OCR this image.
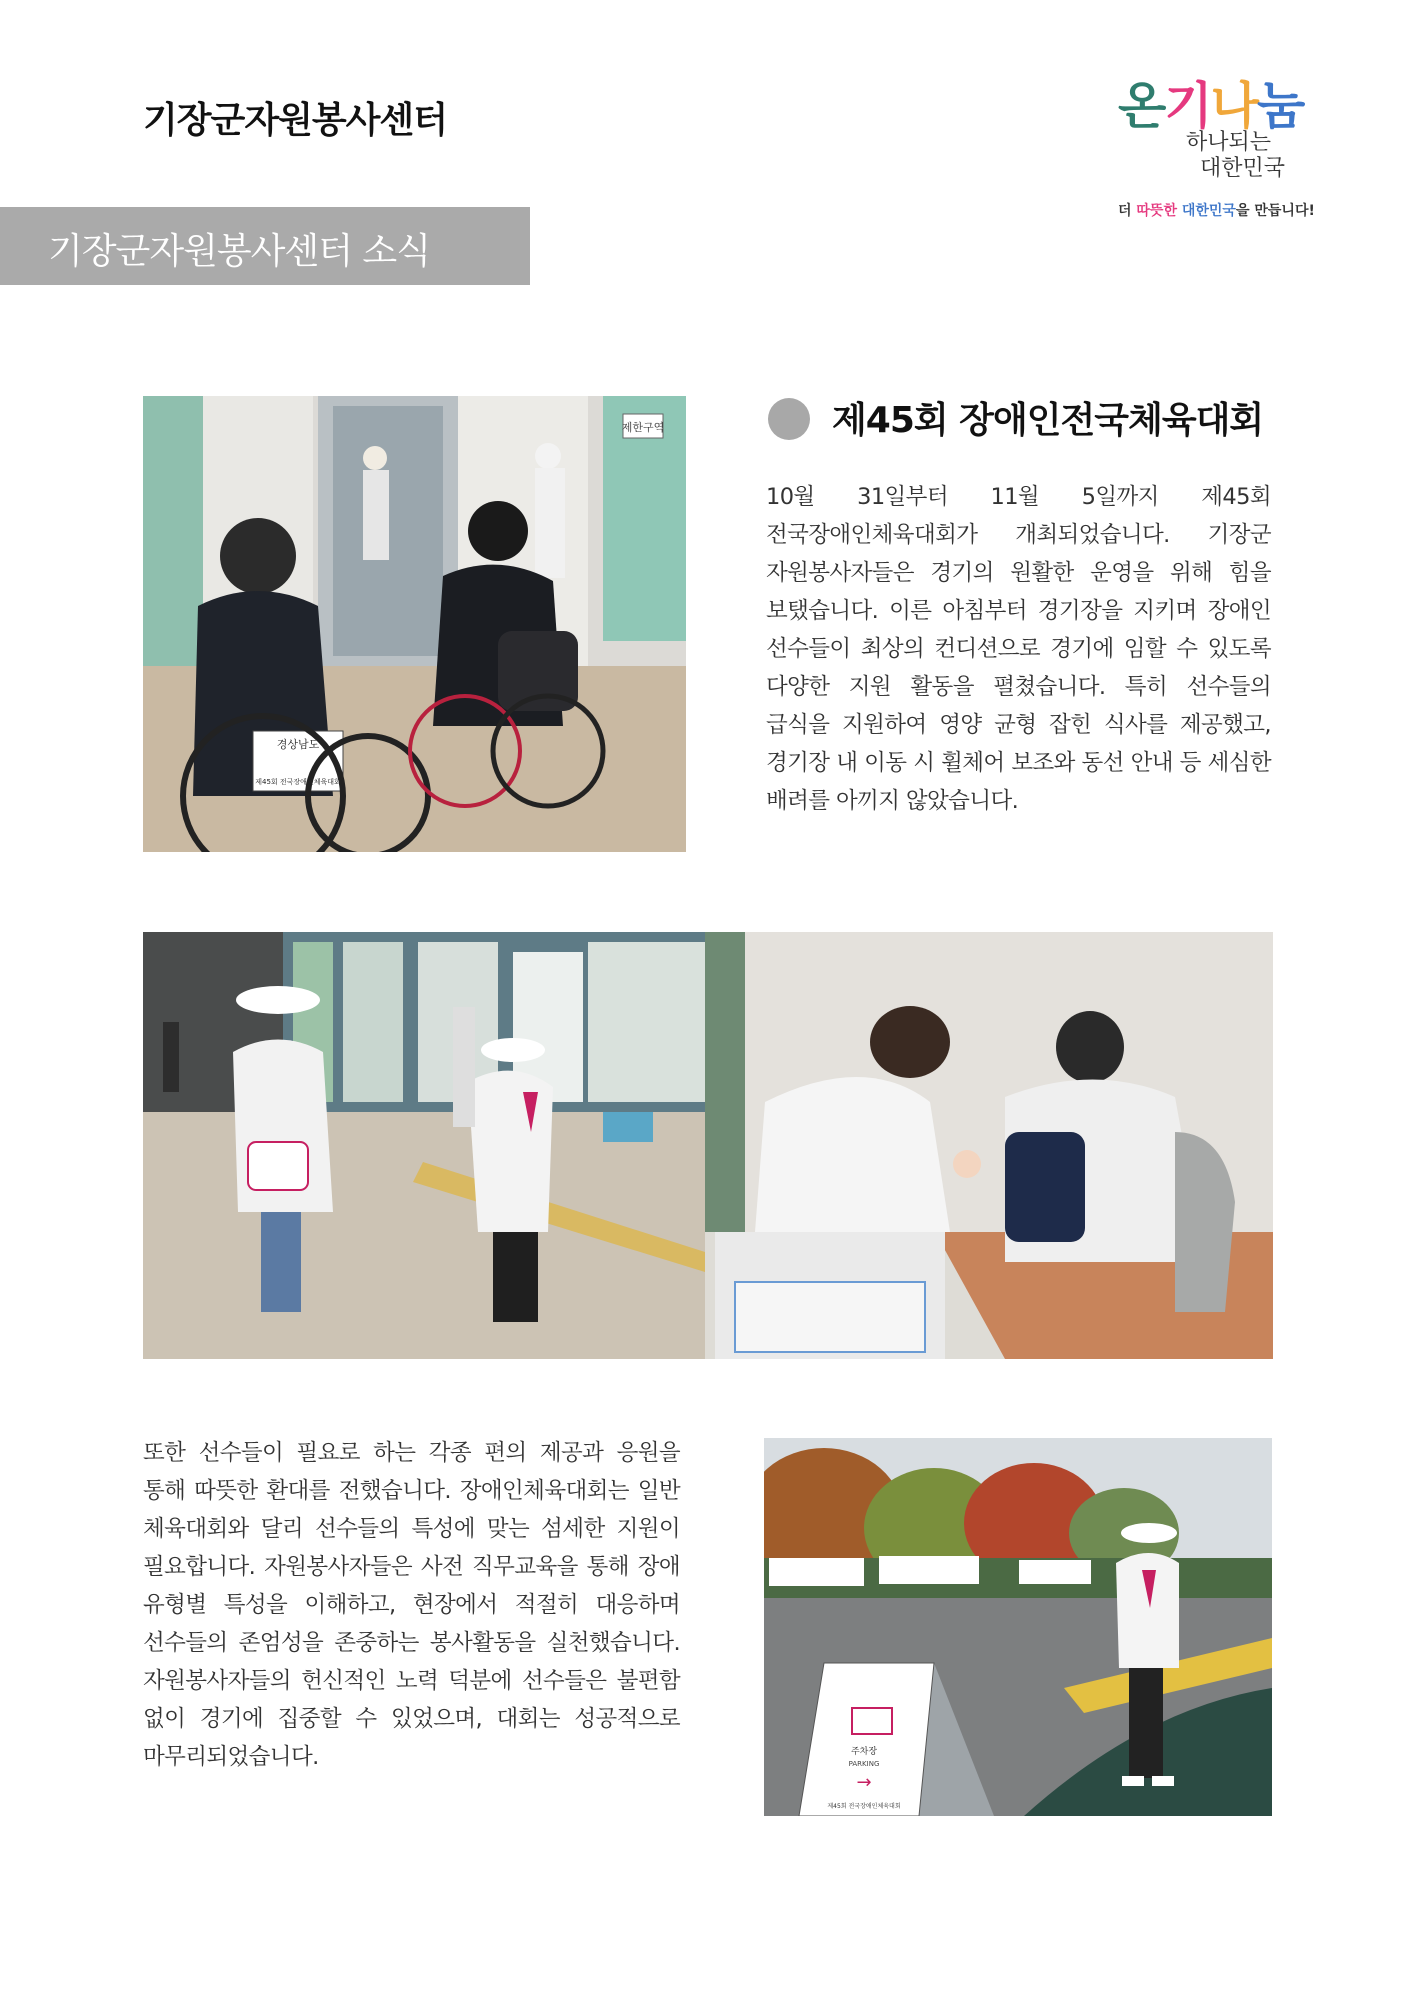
기장군자원봉사센터	온기나눔
하나되는
대한민국
더 따뜻한 대한민국을 만듭니다!
기장군자원봉사센터 소식
제한구역
경상남도
제45회 전국장애인체육대회
제45회 장애인전국체육대회

10월 31일부터 11월 5일까지 제45회 전국장애인체육대회가 개최되었습니다. 기장군 자원봉사자들은 경기의 원활한 운영을 위해 힘을 보탰습니다. 이른 아침부터 경기장을 지키며 장애인 선수들이 최상의 컨디션으로 경기에 임할 수 있도록 다양한 지원 활동을 펼쳤습니다. 특히 선수들의 급식을 지원하여 영양 균형 잡힌 식사를 제공했고, 경기장 내 이동 시 휠체어 보조와 동선 안내 등 세심한 배려를 아끼지 않았습니다.

또한 선수들이 필요로 하는 각종 편의 제공과 응원을 통해 따뜻한 환대를 전했습니다. 장애인체육대회는 일반 체육대회와 달리 선수들의 특성에 맞는 섬세한 지원이 필요합니다. 자원봉사자들은 사전 직무교육을 통해 장애 유형별 특성을 이해하고, 현장에서 적절히 대응하며 선수들의 존엄성을 존중하는 봉사활동을 실천했습니다. 자원봉사자들의 헌신적인 노력 덕분에 선수들은 불편함 없이 경기에 집중할 수 있었으며, 대회는 성공적으로 마무리되었습니다.	주차장
PARKING
→
제45회 전국장애인체육대회
